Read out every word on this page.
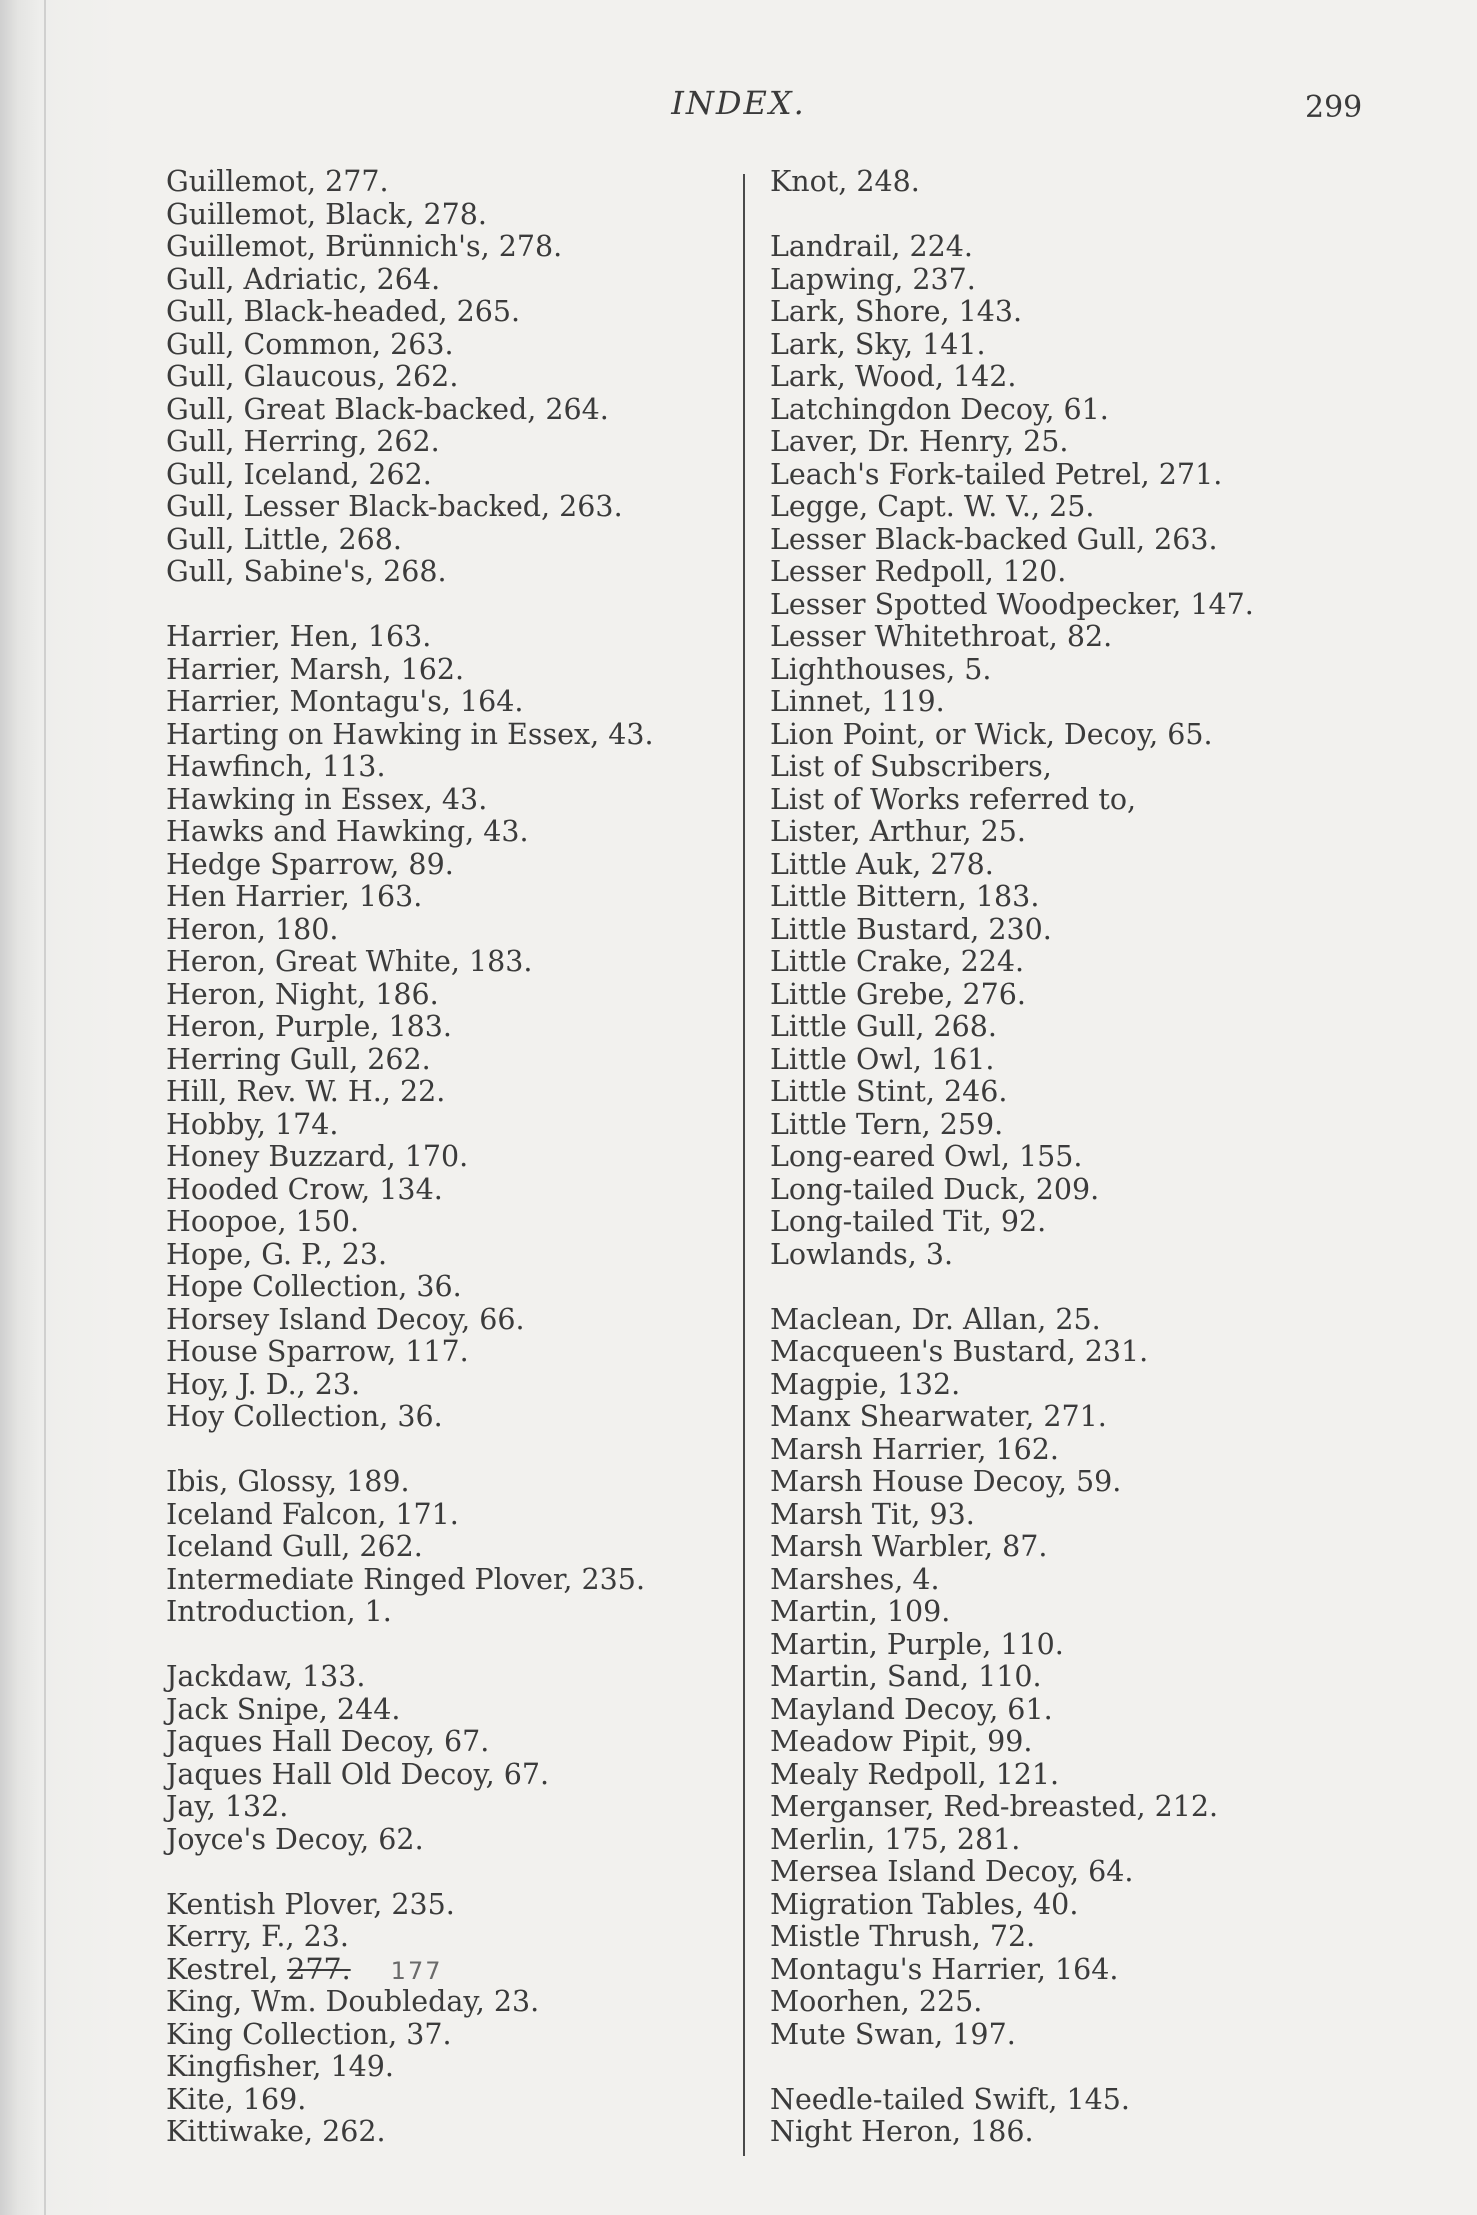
INDEX.	299
Guillemot, 277.
Guillemot, Black, 278.
Guillemot, Brünnich's, 278.
Gull, Adriatic, 264.
Gull, Black-headed, 265.
Gull, Common, 263.
Gull, Glaucous, 262.
Gull, Great Black-backed, 264.
Gull, Herring, 262.
Gull, Iceland, 262.
Gull, Lesser Black-backed, 263.
Gull, Little, 268.
Gull, Sabine's, 268.
Harrier, Hen, 163.
Harrier, Marsh, 162.
Harrier, Montagu's, 164.
Harting on Hawking in Essex, 43.
Hawfinch, 113.
Hawking in Essex, 43.
Hawks and Hawking, 43.
Hedge Sparrow, 89.
Hen Harrier, 163.
Heron, 180.
Heron, Great White, 183.
Heron, Night, 186.
Heron, Purple, 183.
Herring Gull, 262.
Hill, Rev. W. H., 22.
Hobby, 174.
Honey Buzzard, 170.
Hooded Crow, 134.
Hoopoe, 150.
Hope, G. P., 23.
Hope Collection, 36.
Horsey Island Decoy, 66.
House Sparrow, 117.
Hoy, J. D., 23.
Hoy Collection, 36.
Ibis, Glossy, 189.
Iceland Falcon, 171.
Iceland Gull, 262.
Intermediate Ringed Plover, 235.
Introduction, 1.
Jackdaw, 133.
Jack Snipe, 244.
Jaques Hall Decoy, 67.
Jaques Hall Old Decoy, 67.
Jay, 132.
Joyce's Decoy, 62.
Kentish Plover, 235.
Kerry, F., 23.
Kestrel, 277. 177
King, Wm. Doubleday, 23.
King Collection, 37.
Kingfisher, 149.
Kite, 169.
Kittiwake, 262.
Knot, 248.
Landrail, 224.
Lapwing, 237.
Lark, Shore, 143.
Lark, Sky, 141.
Lark, Wood, 142.
Latchingdon Decoy, 61.
Laver, Dr. Henry, 25.
Leach's Fork-tailed Petrel, 271.
Legge, Capt. W. V., 25.
Lesser Black-backed Gull, 263.
Lesser Redpoll, 120.
Lesser Spotted Woodpecker, 147.
Lesser Whitethroat, 82.
Lighthouses, 5.
Linnet, 119.
Lion Point, or Wick, Decoy, 65.
List of Subscribers,
List of Works referred to,
Lister, Arthur, 25.
Little Auk, 278.
Little Bittern, 183.
Little Bustard, 230.
Little Crake, 224.
Little Grebe, 276.
Little Gull, 268.
Little Owl, 161.
Little Stint, 246.
Little Tern, 259.
Long-eared Owl, 155.
Long-tailed Duck, 209.
Long-tailed Tit, 92.
Lowlands, 3.
Maclean, Dr. Allan, 25.
Macqueen's Bustard, 231.
Magpie, 132.
Manx Shearwater, 271.
Marsh Harrier, 162.
Marsh House Decoy, 59.
Marsh Tit, 93.
Marsh Warbler, 87.
Marshes, 4.
Martin, 109.
Martin, Purple, 110.
Martin, Sand, 110.
Mayland Decoy, 61.
Meadow Pipit, 99.
Mealy Redpoll, 121.
Merganser, Red-breasted, 212.
Merlin, 175, 281.
Mersea Island Decoy, 64.
Migration Tables, 40.
Mistle Thrush, 72.
Montagu's Harrier, 164.
Moorhen, 225.
Mute Swan, 197.
Needle-tailed Swift, 145.
Night Heron, 186.
